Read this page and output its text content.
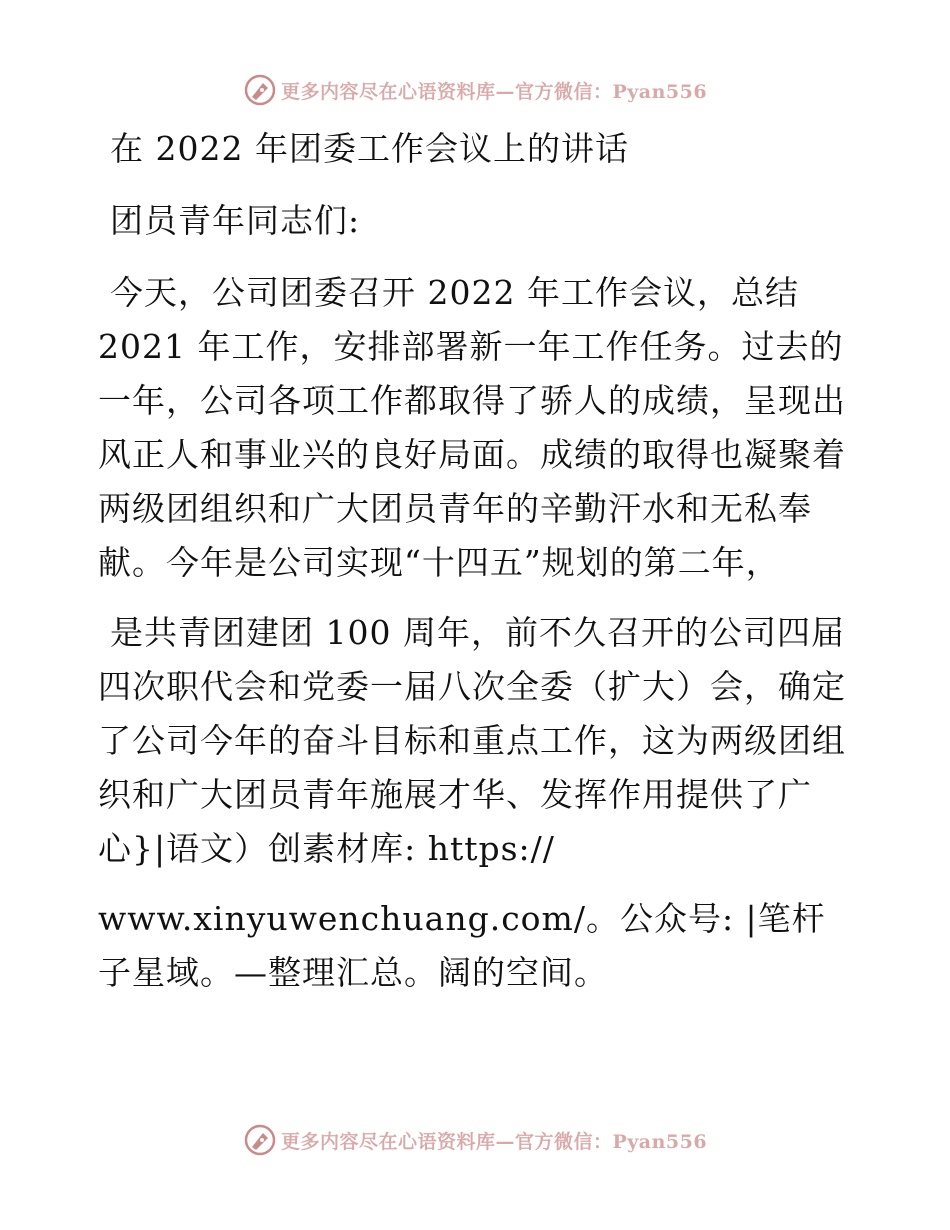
更多内容尽在心语资料库—官方微信：Pyan556

在 2022 年团委工作会议上的讲话

团员青年同志们:

今天，公司团委召开 2022 年工作会议，总结 2021 年工作，安排部署新一年工作任务。过去的一年，公司各项工作都取得了骄人的成绩，呈现出风正人和事业兴的良好局面。成绩的取得也凝聚着两级团组织和广大团员青年的辛勤汗水和无私奉献。今年是公司实现“十四五”规划的第二年，

是共青团建团 100 周年，前不久召开的公司四届四次职代会和党委一届八次全委（扩大）会，确定了公司今年的奋斗目标和重点工作，这为两级团组织和广大团员青年施展才华、发挥作用提供了广心}|语文）创素材库: https://

www.xinyuwenchuang.com/。公众号: |笔杆子星域。—整理汇总。阔的空间。

更多内容尽在心语资料库—官方微信：Pyan556
